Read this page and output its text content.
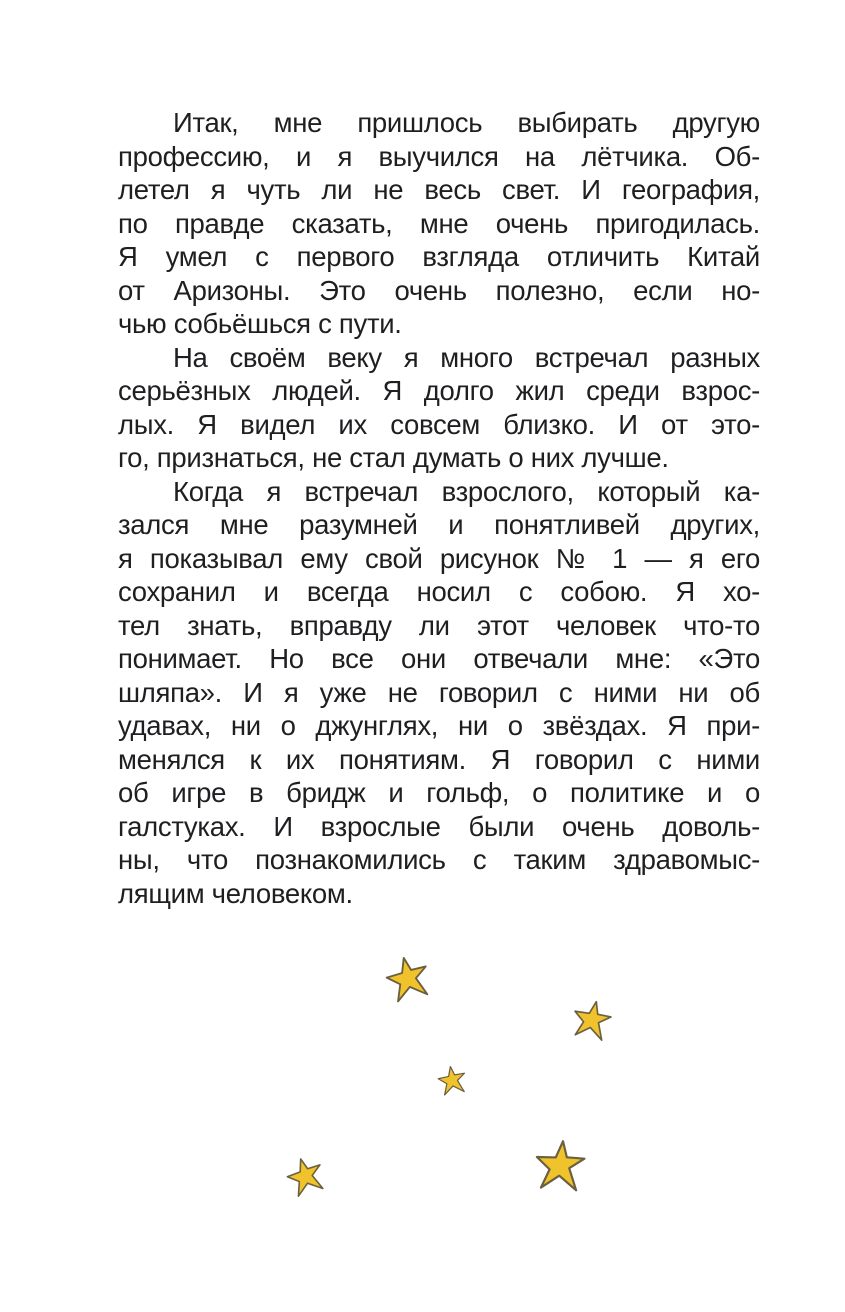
Итак, мне пришлось выбирать другую
профессию, и я выучился на лётчика. Об-
летел я чуть ли не весь свет. И география,
по правде сказать, мне очень пригодилась.
Я умел с первого взгляда отличить Китай
от Аризоны. Это очень полезно, если но-
чью собьёшься с пути.
На своём веку я много встречал разных
серьёзных людей. Я долго жил среди взрос-
лых. Я видел их совсем близко. И от это-
го, признаться, не стал думать о них лучше.
Когда я встречал взрослого, который ка-
зался мне разумней и понятливей других,
я показывал ему свой рисунок № 1 — я его
сохранил и всегда носил с собою. Я хо-
тел знать, вправду ли этот человек что-то
понимает. Но все они отвечали мне: «Это
шляпа». И я уже не говорил с ними ни об
удавах, ни о джунглях, ни о звёздах. Я при-
менялся к их понятиям. Я говорил с ними
об игре в бридж и гольф, о политике и о
галстуках. И взрослые были очень доволь-
ны, что познакомились с таким здравомыс-
лящим человеком.
